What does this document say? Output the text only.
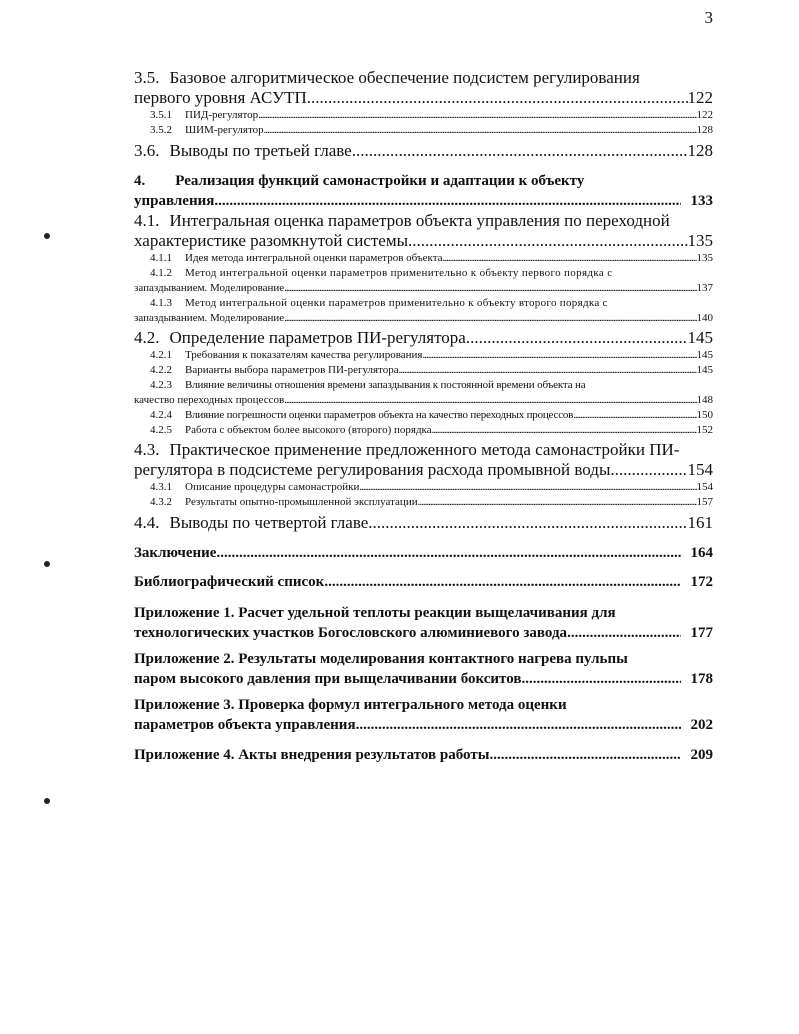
3
3.5. Базовое алгоритмическое обеспечение подсистем регулирования
первого уровня АСУТП .....	122
3.5.1 ПИД-регулятор .....	122
3.5.2 ШИМ-регулятор .....	128
3.6. Выводы по третьей главе .....	128
4. Реализация функций самонастройки и адаптации к объекту
управления .....	133
4.1. Интегральная оценка параметров объекта управления по переходной
характеристике разомкнутой системы .....	135
4.1.1 Идея метода интегральной оценки параметров объекта .....	135
4.1.2 Метод интегральной оценки параметров применительно к объекту первого порядка с
запаздыванием. Моделирование .....	137
4.1.3 Метод интегральной оценки параметров применительно к объекту второго порядка с
запаздыванием. Моделирование .....	140
4.2. Определение параметров ПИ-регулятора .....	145
4.2.1 Требования к показателям качества регулирования .....	145
4.2.2 Варианты выбора параметров ПИ-регулятора .....	145
4.2.3 Влияние величины отношения времени запаздывания к постоянной времени объекта на
качество переходных процессов .....	148
4.2.4 Влияние погрешности оценки параметров объекта на качество переходных процессов .....	150
4.2.5 Работа с объектом более высокого (второго) порядка .....	152
4.3. Практическое применение предложенного метода самонастройки ПИ-
регулятора в подсистеме регулирования расхода промывной воды .....	154
4.3.1 Описание процедуры самонастройки .....	154
4.3.2 Результаты опытно-промышленной эксплуатации .....	157
4.4. Выводы по четвертой главе .....	161
Заключение .....	164
Библиографический список .....	172
Приложение 1. Расчет удельной теплоты реакции выщелачивания для
технологических участков Богословского алюминиевого завода .....	177
Приложение 2. Результаты моделирования контактного нагрева пульпы
паром высокого давления при выщелачивании бокситов .....	178
Приложение 3. Проверка формул интегрального метода оценки
параметров объекта управления .....	202
Приложение 4. Акты внедрения результатов работы .....	209
